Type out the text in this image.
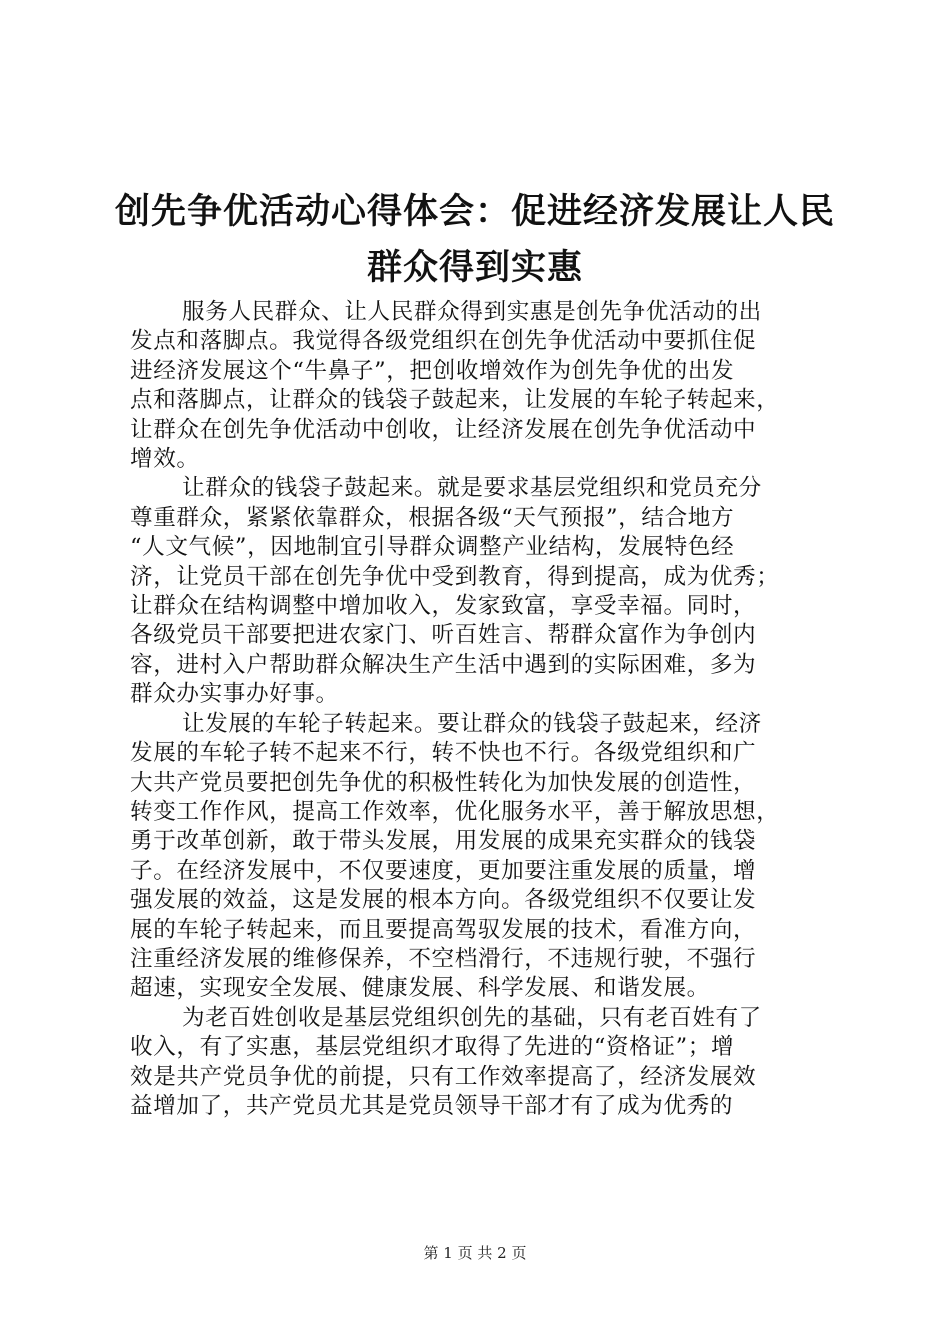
创先争优活动心得体会：促进经济发展让人民
群众得到实惠
服务人民群众、让人民群众得到实惠是创先争优活动的出
发点和落脚点。我觉得各级党组织在创先争优活动中要抓住促
进经济发展这个“牛鼻子”，把创收增效作为创先争优的出发
点和落脚点，让群众的钱袋子鼓起来，让发展的车轮子转起来，
让群众在创先争优活动中创收，让经济发展在创先争优活动中
增效。
让群众的钱袋子鼓起来。就是要求基层党组织和党员充分
尊重群众，紧紧依靠群众，根据各级“天气预报”，结合地方
“人文气候”，因地制宜引导群众调整产业结构，发展特色经
济，让党员干部在创先争优中受到教育，得到提高，成为优秀；
让群众在结构调整中增加收入，发家致富，享受幸福。同时，
各级党员干部要把进农家门、听百姓言、帮群众富作为争创内
容，进村入户帮助群众解决生产生活中遇到的实际困难，多为
群众办实事办好事。
让发展的车轮子转起来。要让群众的钱袋子鼓起来，经济
发展的车轮子转不起来不行，转不快也不行。各级党组织和广
大共产党员要把创先争优的积极性转化为加快发展的创造性，
转变工作作风，提高工作效率，优化服务水平，善于解放思想，
勇于改革创新，敢于带头发展，用发展的成果充实群众的钱袋
子。在经济发展中，不仅要速度，更加要注重发展的质量，增
强发展的效益，这是发展的根本方向。各级党组织不仅要让发
展的车轮子转起来，而且要提高驾驭发展的技术，看准方向，
注重经济发展的维修保养，不空档滑行，不违规行驶，不强行
超速，实现安全发展、健康发展、科学发展、和谐发展。
为老百姓创收是基层党组织创先的基础，只有老百姓有了
收入，有了实惠，基层党组织才取得了先进的“资格证”；增
效是共产党员争优的前提，只有工作效率提高了，经济发展效
益增加了，共产党员尤其是党员领导干部才有了成为优秀的
第 1 页 共 2 页
